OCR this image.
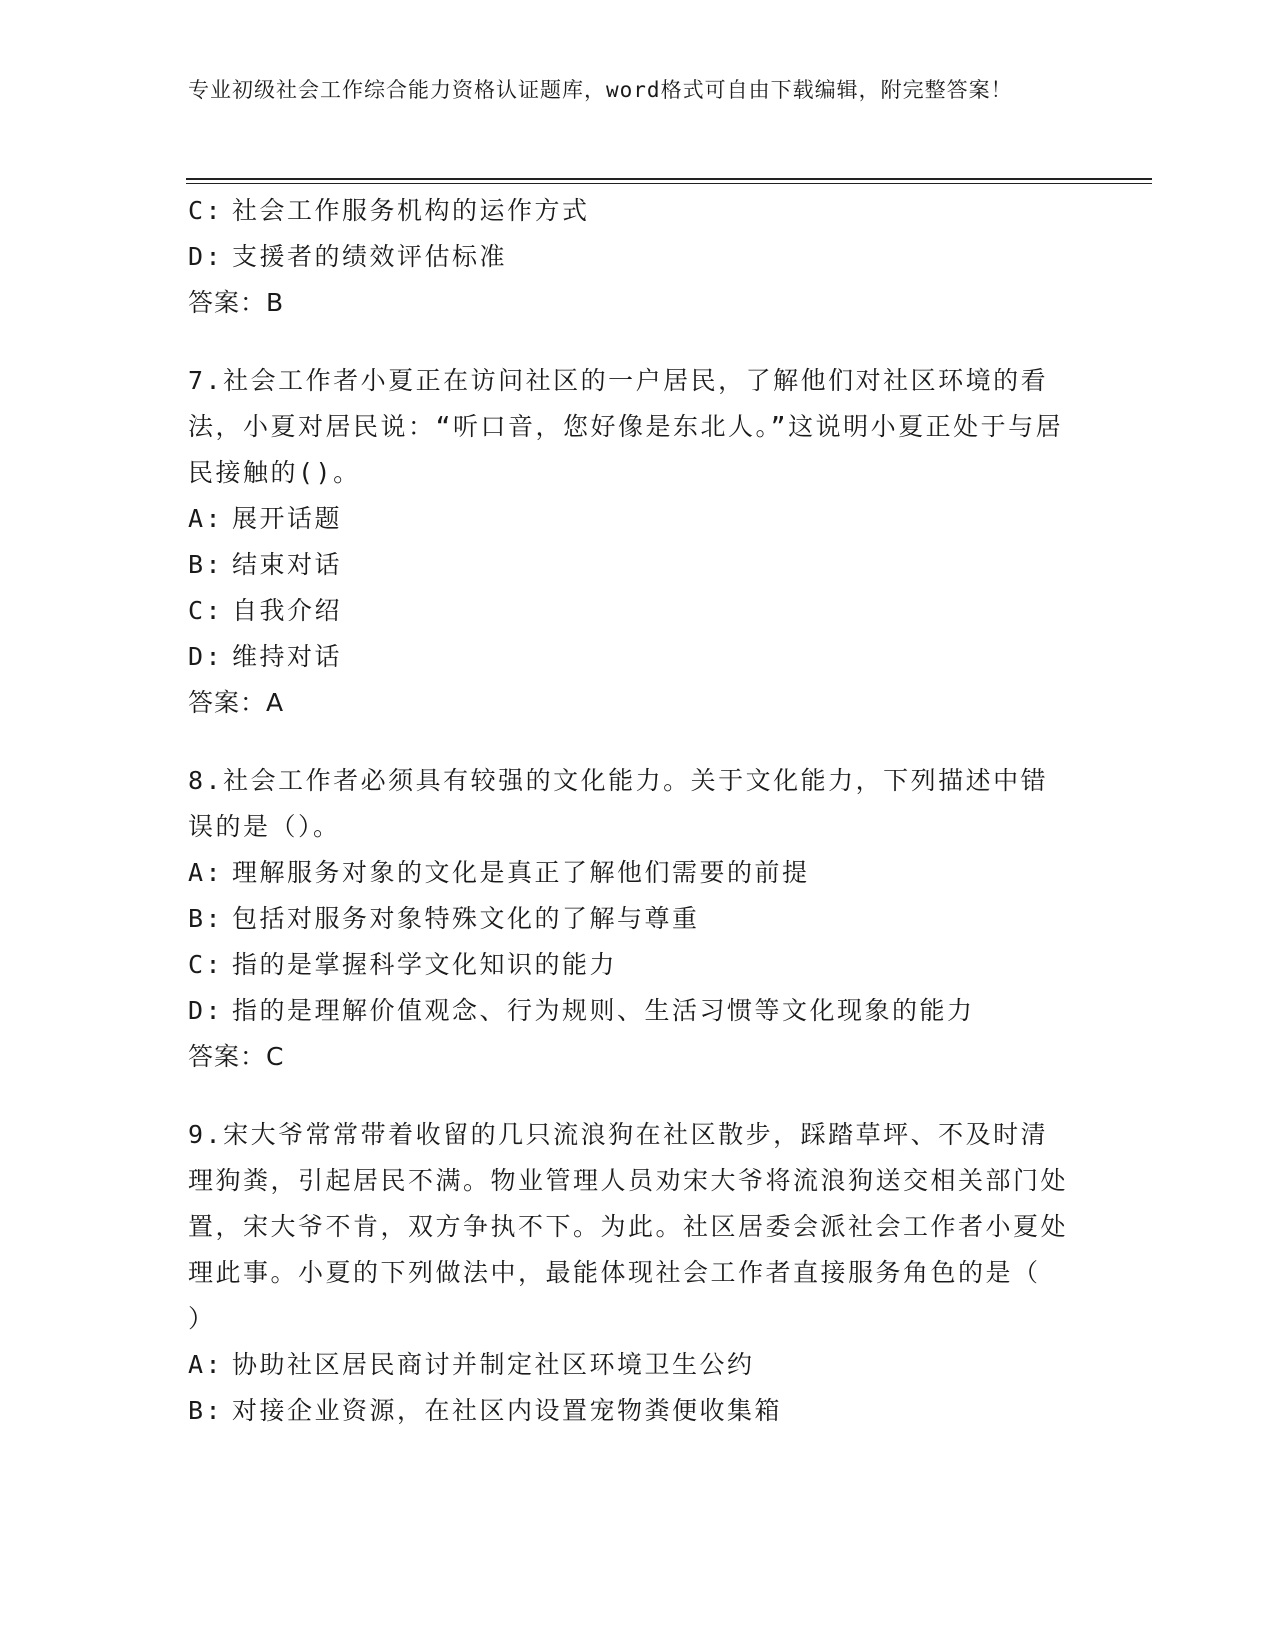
专业初级社会工作综合能力资格认证题库，word格式可自由下载编辑，附完整答案！
C: 社会工作服务机构的运作方式
D: 支援者的绩效评估标准
答案：B
7.社会工作者小夏正在访问社区的一户居民，了解他们对社区环境的看法，小夏对居民说：“听口音，您好像是东北人。”这说明小夏正处于与居民接触的()。
A: 展开话题
B: 结束对话
C: 自我介绍
D: 维持对话
答案：A
8.社会工作者必须具有较强的文化能力。关于文化能力，下列描述中错误的是（）。
A: 理解服务对象的文化是真正了解他们需要的前提
B: 包括对服务对象特殊文化的了解与尊重
C: 指的是掌握科学文化知识的能力
D: 指的是理解价值观念、行为规则、生活习惯等文化现象的能力
答案：C
9.宋大爷常常带着收留的几只流浪狗在社区散步，踩踏草坪、不及时清理狗粪，引起居民不满。物业管理人员劝宋大爷将流浪狗送交相关部门处置，宋大爷不肯，双方争执不下。为此。社区居委会派社会工作者小夏处理此事。小夏的下列做法中，最能体现社会工作者直接服务角色的是（　　）
A: 协助社区居民商讨并制定社区环境卫生公约
B: 对接企业资源，在社区内设置宠物粪便收集箱
